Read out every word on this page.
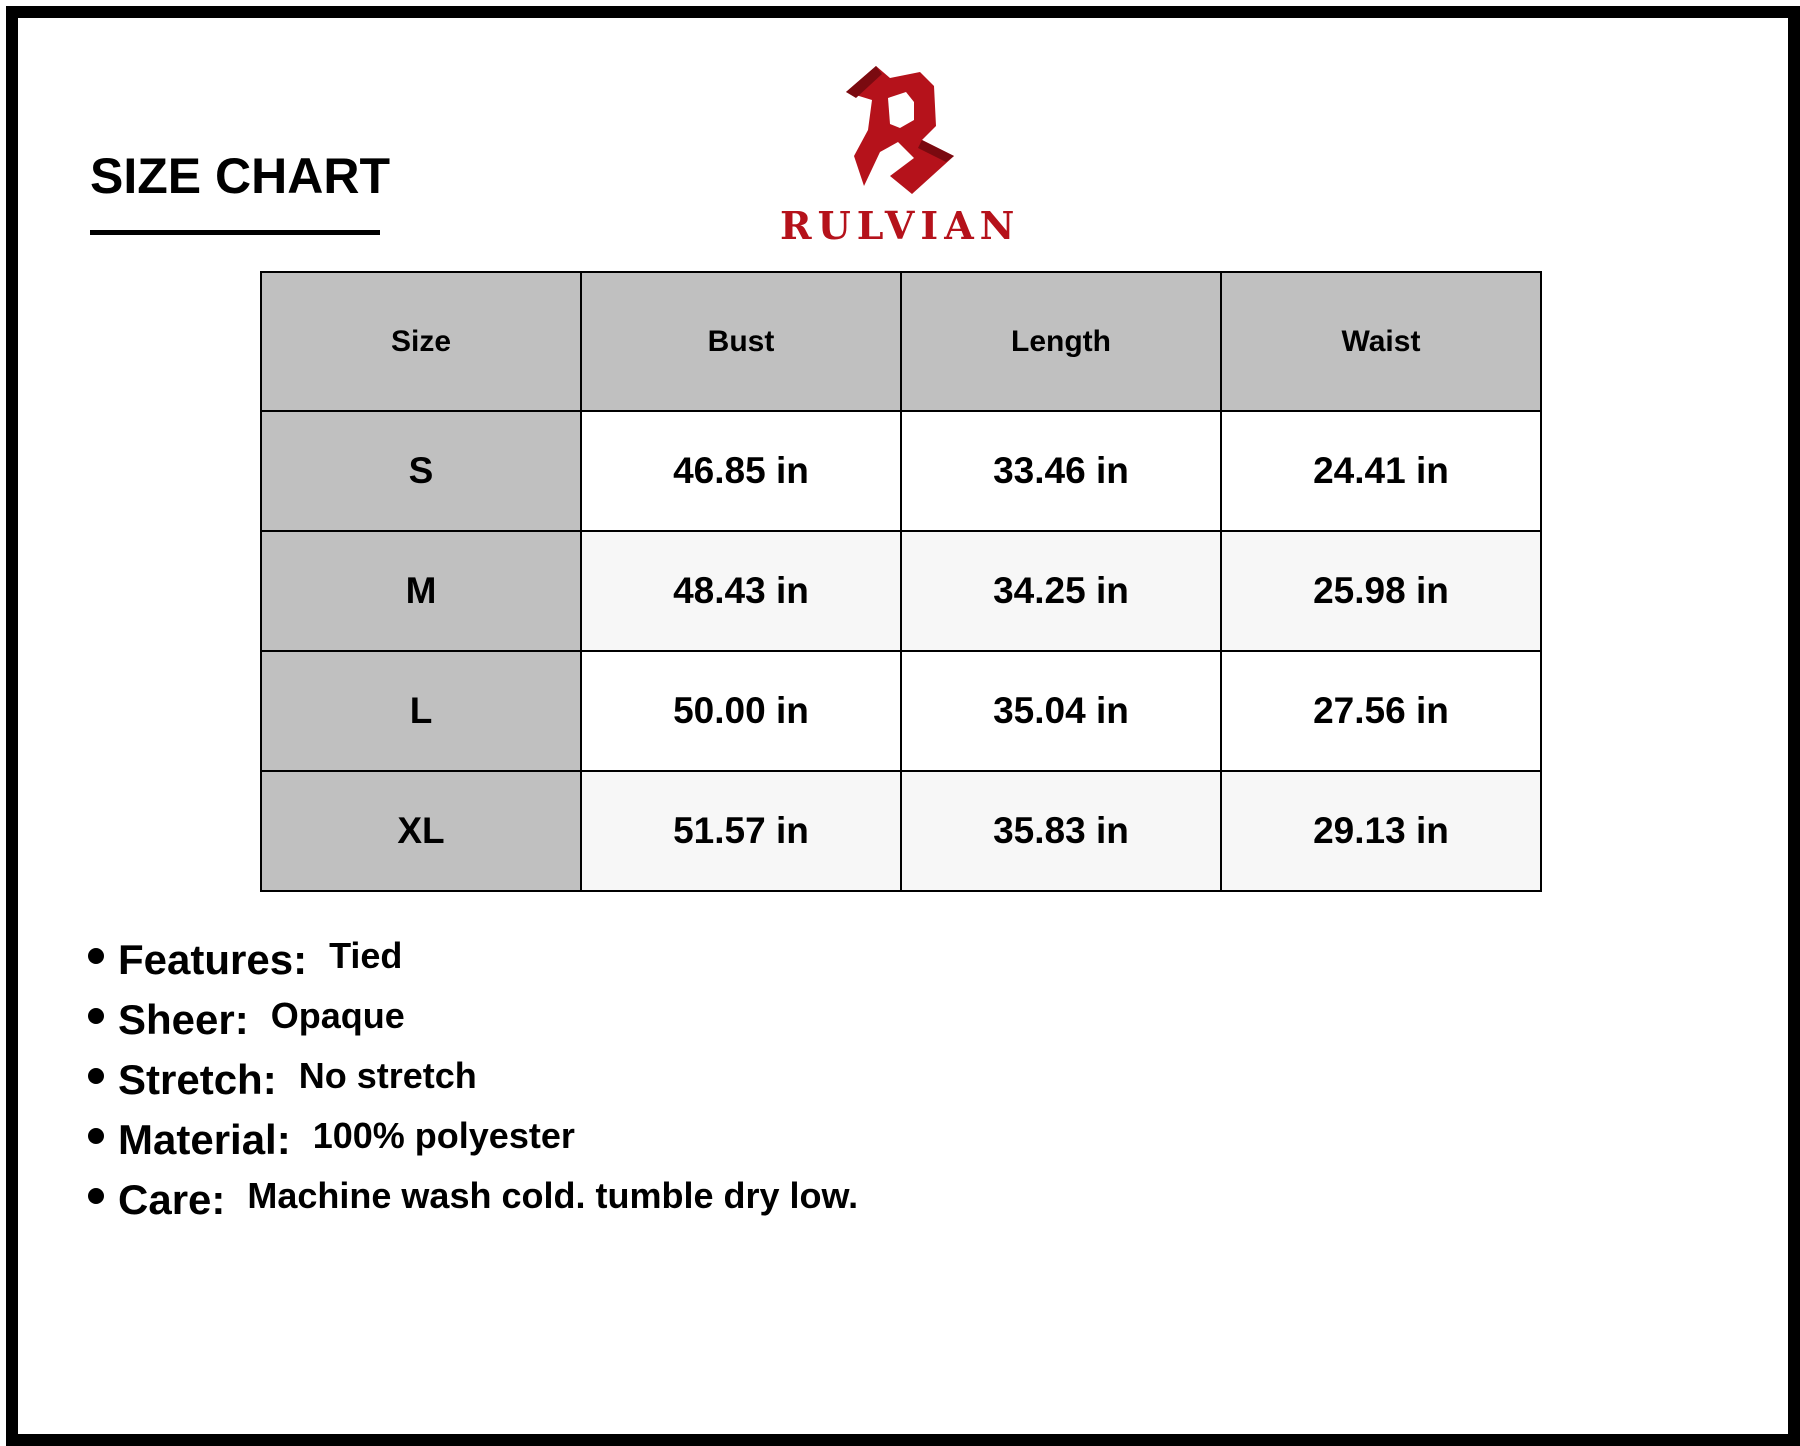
SIZE CHART
RULVIAN
Size	Bust	Length	Waist
S	46.85 in	33.46 in	24.41 in
M	48.43 in	34.25 in	25.98 in
L	50.00 in	35.04 in	27.56 in
XL	51.57 in	35.83 in	29.13 in
Features: Tied
Sheer: Opaque
Stretch: No stretch
Material: 100% polyester
Care: Machine wash cold. tumble dry low.
